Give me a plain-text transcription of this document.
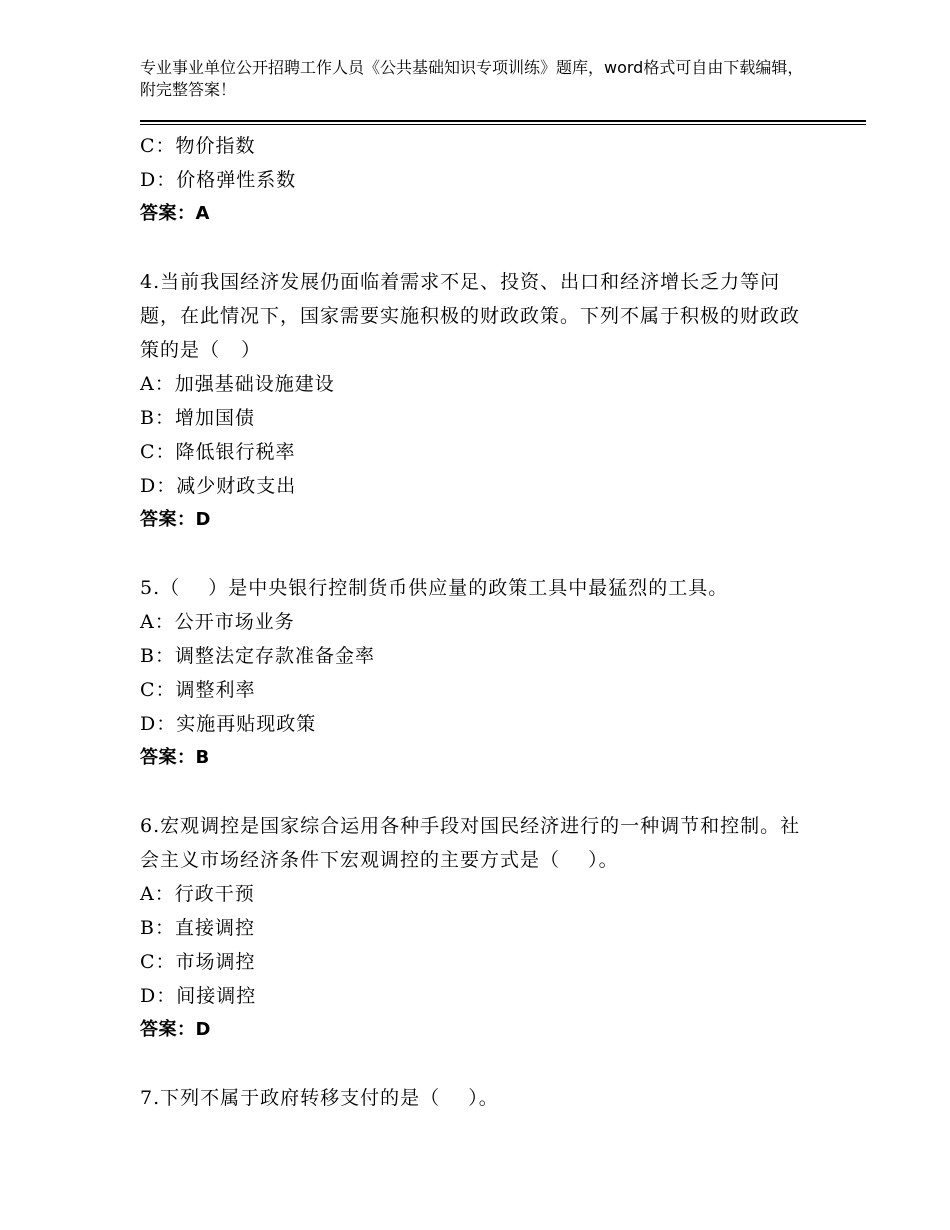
专业事业单位公开招聘工作人员《公共基础知识专项训练》题库，word格式可自由下载编辑，附完整答案！

C：物价指数

D：价格弹性系数

答案：A

4.当前我国经济发展仍面临着需求不足、投资、出口和经济增长乏力等问题，在此情况下，国家需要实施积极的财政政策。下列不属于积极的财政政策的是（   ）

A：加强基础设施建设

B：增加国债

C：降低银行税率

D：减少财政支出

答案：D

5.（    ）是中央银行控制货币供应量的政策工具中最猛烈的工具。

A：公开市场业务

B：调整法定存款准备金率

C：调整利率

D：实施再贴现政策

答案：B

6.宏观调控是国家综合运用各种手段对国民经济进行的一种调节和控制。社会主义市场经济条件下宏观调控的主要方式是（    ）。

A：行政干预

B：直接调控

C：市场调控

D：间接调控

答案：D

7.下列不属于政府转移支付的是（    ）。
